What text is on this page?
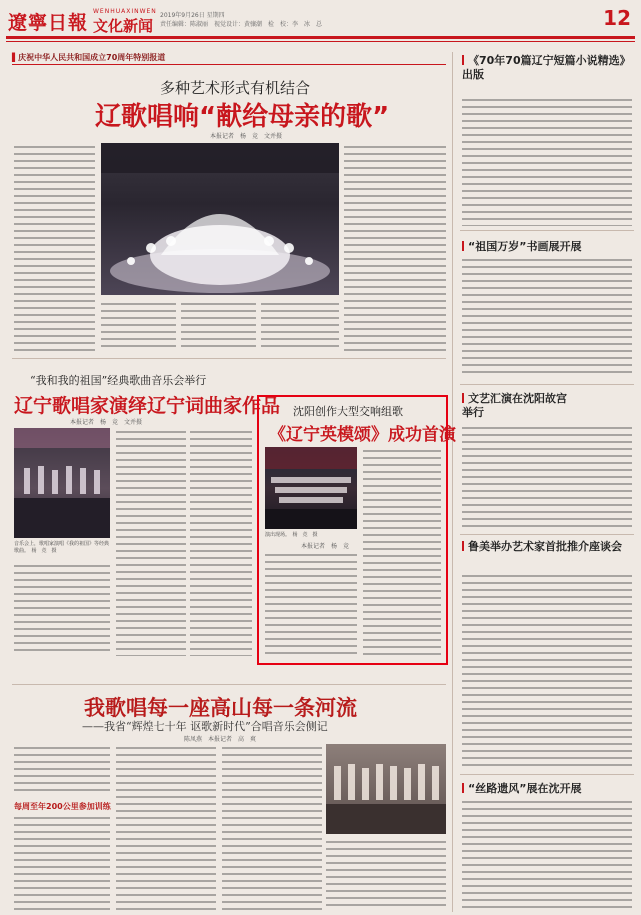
遼寧日報
WENHUAXINWEN
文化新闻
2019年9月26日 星期四
责任编辑：陈淑丽　视觉设计：黄骧潮　检　校：李　冰　总	12
▌庆祝中华人民共和国成立70周年特别报道
多种艺术形式有机结合
辽歌唱响“献给母亲的歌”
本报记者　杨　竞　文并摄
“我和我的祖国”经典歌曲音乐会举行
辽宁歌唱家演绎辽宁词曲家作品
本报记者　杨　竞　文并摄
音乐会上，歌唱家演唱《我的祖国》等经典歌曲。　杨　竞　摄
沈阳创作大型交响组歌
《辽宁英模颂》成功首演
演出现场。　杨　竞　摄
本报记者　杨　竞
我歌唱每一座高山每一条河流
——我省“辉煌七十年 讴歌新时代”合唱音乐会侧记
陈凤燕　本报记者　高　爽
每周至年200公里参加训练
《70年70篇辽宁短篇小说精选》出版
“祖国万岁”书画展开展
文艺汇演在沈阳故宫举行
鲁美举办艺术家首批推介座谈会
“丝路遗风”展在沈开展
